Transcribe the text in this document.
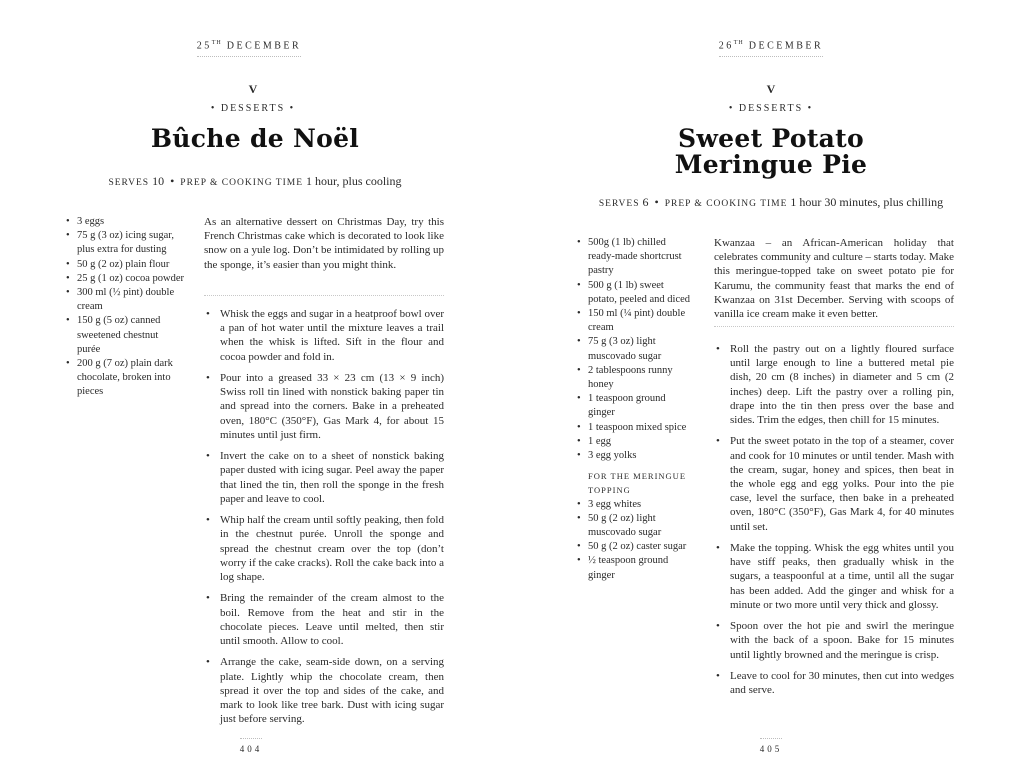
25TH DECEMBER
V
• DESSERTS •
Bûche de Noël
SERVES 10 • PREP & COOKING TIME 1 hour, plus cooling
• 3 eggs
• 75 g (3 oz) icing sugar, plus extra for dusting
• 50 g (2 oz) plain flour
• 25 g (1 oz) cocoa powder
• 300 ml (½ pint) double cream
• 150 g (5 oz) canned sweetened chestnut purée
• 200 g (7 oz) plain dark chocolate, broken into pieces

As an alternative dessert on Christmas Day, try this French Christmas cake which is decorated to look like snow on a yule log. Don’t be intimidated by rolling up the sponge, it’s easier than you might think.

• Whisk the eggs and sugar in a heatproof bowl over a pan of hot water until the mixture leaves a trail when the whisk is lifted. Sift in the flour and cocoa powder and fold in.
• Pour into a greased 33 × 23 cm (13 × 9 inch) Swiss roll tin lined with nonstick baking paper tin and spread into the corners. Bake in a preheated oven, 180°C (350°F), Gas Mark 4, for about 15 minutes until just firm.
• Invert the cake on to a sheet of nonstick baking paper dusted with icing sugar. Peel away the paper that lined the tin, then roll the sponge in the fresh paper and leave to cool.
• Whip half the cream until softly peaking, then fold in the chestnut purée. Unroll the sponge and spread the chestnut cream over the top (don’t worry if the cake cracks). Roll the cake back into a log shape.
• Bring the remainder of the cream almost to the boil. Remove from the heat and stir in the chocolate pieces. Leave until melted, then stir until smooth. Allow to cool.
• Arrange the cake, seam-side down, on a serving plate. Lightly whip the chocolate cream, then spread it over the top and sides of the cake, and mark to look like tree bark. Dust with icing sugar just before serving.
404
26TH DECEMBER
V
• DESSERTS •
Sweet Potato
Meringue Pie
SERVES 6 • PREP & COOKING TIME 1 hour 30 minutes, plus chilling
• 500g (1 lb) chilled ready-made shortcrust pastry
• 500 g (1 lb) sweet potato, peeled and diced
• 150 ml (¼ pint) double cream
• 75 g (3 oz) light muscovado sugar
• 2 tablespoons runny honey
• 1 teaspoon ground ginger
• 1 teaspoon mixed spice
• 1 egg
• 3 egg yolks
FOR THE MERINGUE TOPPING
• 3 egg whites
• 50 g (2 oz) light muscovado sugar
• 50 g (2 oz) caster sugar
• ½ teaspoon ground ginger

Kwanzaa – an African-American holiday that celebrates community and culture – starts today. Make this meringue-topped take on sweet potato pie for Karumu, the community feast that marks the end of Kwanzaa on 31st December. Serving with scoops of vanilla ice cream make it even better.

• Roll the pastry out on a lightly floured surface until large enough to line a buttered metal pie dish, 20 cm (8 inches) in diameter and 5 cm (2 inches) deep. Lift the pastry over a rolling pin, drape into the tin then press over the base and sides. Trim the edges, then chill for 15 minutes.
• Put the sweet potato in the top of a steamer, cover and cook for 10 minutes or until tender. Mash with the cream, sugar, honey and spices, then beat in the whole egg and egg yolks. Pour into the pie case, level the surface, then bake in a preheated oven, 180°C (350°F), Gas Mark 4, for 40 minutes until set.
• Make the topping. Whisk the egg whites until you have stiff peaks, then gradually whisk in the sugars, a teaspoonful at a time, until all the sugar has been added. Add the ginger and whisk for a minute or two more until very thick and glossy.
• Spoon over the hot pie and swirl the meringue with the back of a spoon. Bake for 15 minutes until lightly browned and the meringue is crisp.
• Leave to cool for 30 minutes, then cut into wedges and serve.
405
